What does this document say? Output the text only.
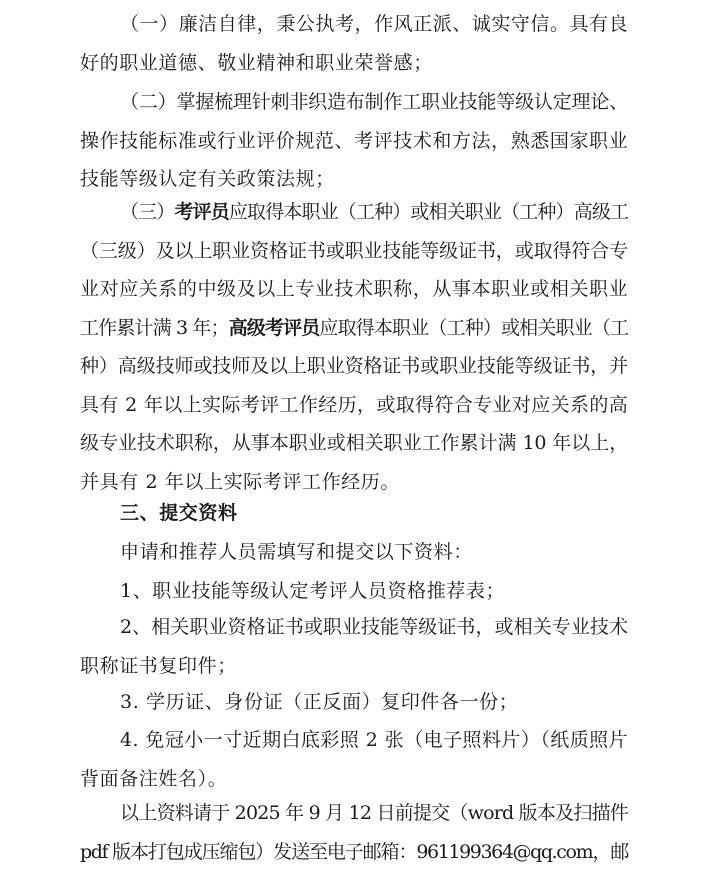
（一）廉洁自律，秉公执考，作风正派、诚实守信。具有良
好的职业道德、敬业精神和职业荣誉感；
（二）掌握梳理针刺非织造布制作工职业技能等级认定理论、
操作技能标准或行业评价规范、考评技术和方法，熟悉国家职业
技能等级认定有关政策法规；
（三）考评员应取得本职业（工种）或相关职业（工种）高级工
（三级）及以上职业资格证书或职业技能等级证书，或取得符合专
业对应关系的中级及以上专业技术职称，从事本职业或相关职业
工作累计满 3 年；高级考评员应取得本职业（工种）或相关职业（工
种）高级技师或技师及以上职业资格证书或职业技能等级证书，并
具有 2 年以上实际考评工作经历，或取得符合专业对应关系的高
级专业技术职称，从事本职业或相关职业工作累计满 10 年以上，
并具有 2 年以上实际考评工作经历。
三、提交资料
申请和推荐人员需填写和提交以下资料：
1、职业技能等级认定考评人员资格推荐表；
2、相关职业资格证书或职业技能等级证书，或相关专业技术
职称证书复印件；
3. 学历证、身份证（正反面）复印件各一份；
4. 免冠小一寸近期白底彩照 2 张（电子照料片）（纸质照片
背面备注姓名）。
以上资料请于 2025 年 9 月 12 日前提交（word 版本及扫描件
pdf 版本打包成压缩包）发送至电子邮箱：961199364@qq.com，邮
